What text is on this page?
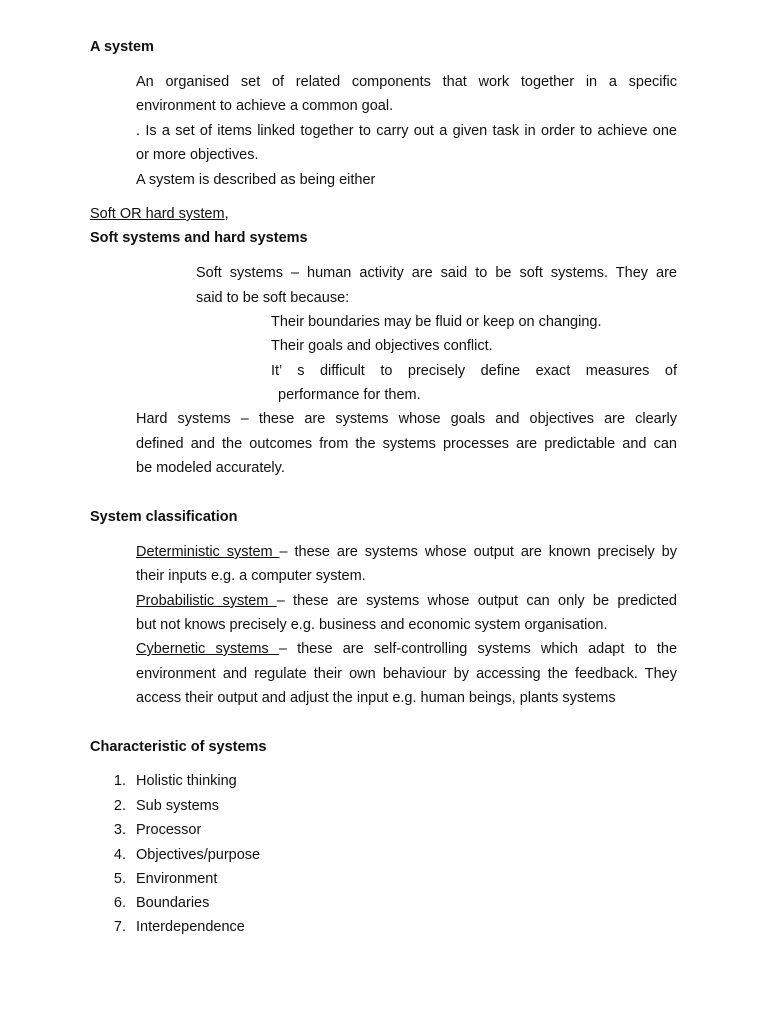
A system
An organised set of related components that work together in a specific
environment to achieve a common goal.
. Is a set of items linked together to carry out a given task in order to achieve one
or more objectives.
A system is described as being either
Soft OR hard system,
Soft systems and hard systems
Soft systems – human activity are said to be soft systems. They are
said to be soft because:
Their boundaries may be fluid or keep on changing.
Their goals and objectives conflict.
It’ s difficult to precisely define exact measures of
performance for them.
Hard systems – these are systems whose goals and objectives are clearly
defined and the outcomes from the systems processes are predictable and can
be modeled accurately.
System classification
Deterministic system – these are systems whose output are known precisely by
their inputs e.g. a computer system.
Probabilistic system – these are systems whose output can only be predicted
but not knows precisely e.g. business and economic system organisation.
Cybernetic systems – these are self-controlling systems which adapt to the
environment and regulate their own behaviour by accessing the feedback. They
access their output and adjust the input e.g. human beings, plants systems
Characteristic of systems
1. Holistic thinking
2. Sub systems
3. Processor
4. Objectives/purpose
5. Environment
6. Boundaries
7. Interdependence
